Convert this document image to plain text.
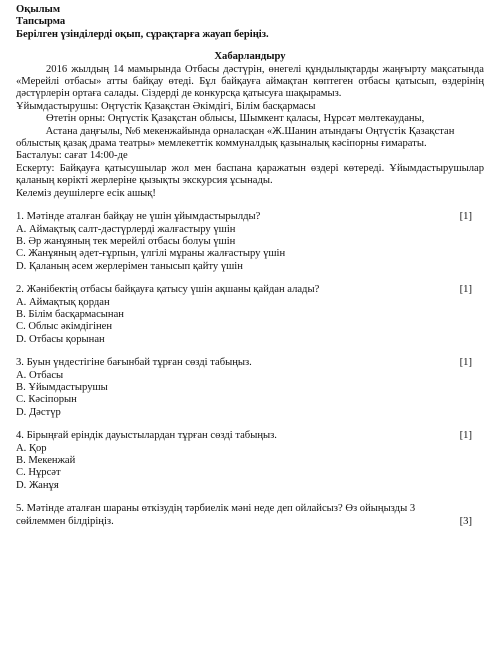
Оқылым
Тапсырма
Берілген үзінділерді оқып, сұрақтарға жауап беріңіз.
Хабарландыру
2016 жылдың 14 мамырында Отбасы дәстүрін, өнегелі құндылықтарды жаңғырту мақсатында «Мерейлі отбасы» атты байқау өтеді. Бұл байқауға аймақтан көптеген отбасы қатысып, өздерінің дәстүрлерін ортаға салады. Сіздерді де конкурсқа қатысуға шақырамыз.
Ұйымдастырушы: Оңтүстік Қазақстан Әкімдігі, Білім басқармасы
Өтетін орны: Оңтүстік Қазақстан облысы, Шымкент қаласы, Нұрсәт мөлтекауданы,
Астана даңғылы, №6 мекенжайында орналасқан «Ж.Шанин атындағы Оңтүстік Қазақстан
облыстық қазақ драма театры» мемлекеттік коммуналдық қазыналық кәсіпорны ғимараты.
Басталуы: сағат 14:00-де
Ескерту: Байқауға қатысушылар жол мен баспана қаражатын өздері көтереді. Ұйымдастырушылар қаланың көрікті жерлеріне қызықты экскурсия ұсынады.
Келеміз деушілерге есік ашық!
1. Мәтінде аталған байқау не үшін ұйымдастырылды?	[1]
А. Аймақтық салт-дәстүрлерді жалғастыру үшін
В. Әр жанұяның тек мерейлі отбасы болуы үшін
С. Жанұяның әдет-ғұрпын, үлгілі мұраны жалғастыру үшін
D. Қаланың әсем жерлерімен танысып қайту үшін
2. Жәнібектің отбасы байқауға қатысу үшін ақшаны қайдан алады?	[1]
А. Аймақтық қордан
В. Білім басқармасынан
С. Облыс әкімдігінен
D. Отбасы қорынан
3. Буын үндестігіне бағынбай тұрған сөзді табыңыз.	[1]
А. Отбасы
В. Ұйымдастырушы
С. Кәсіпорын
D. Дәстүр
4. Бірыңғай еріндік дауыстылардан тұрған сөзді табыңыз.	[1]
А. Қор
В. Мекенжай
С. Нұрсәт
D. Жанұя
5. Мәтінде аталған шараны өткізудің тәрбиелік мәні неде деп ойлайсыз? Өз ойыңызды 3 сөйлеммен білдіріңіз.	[3]
